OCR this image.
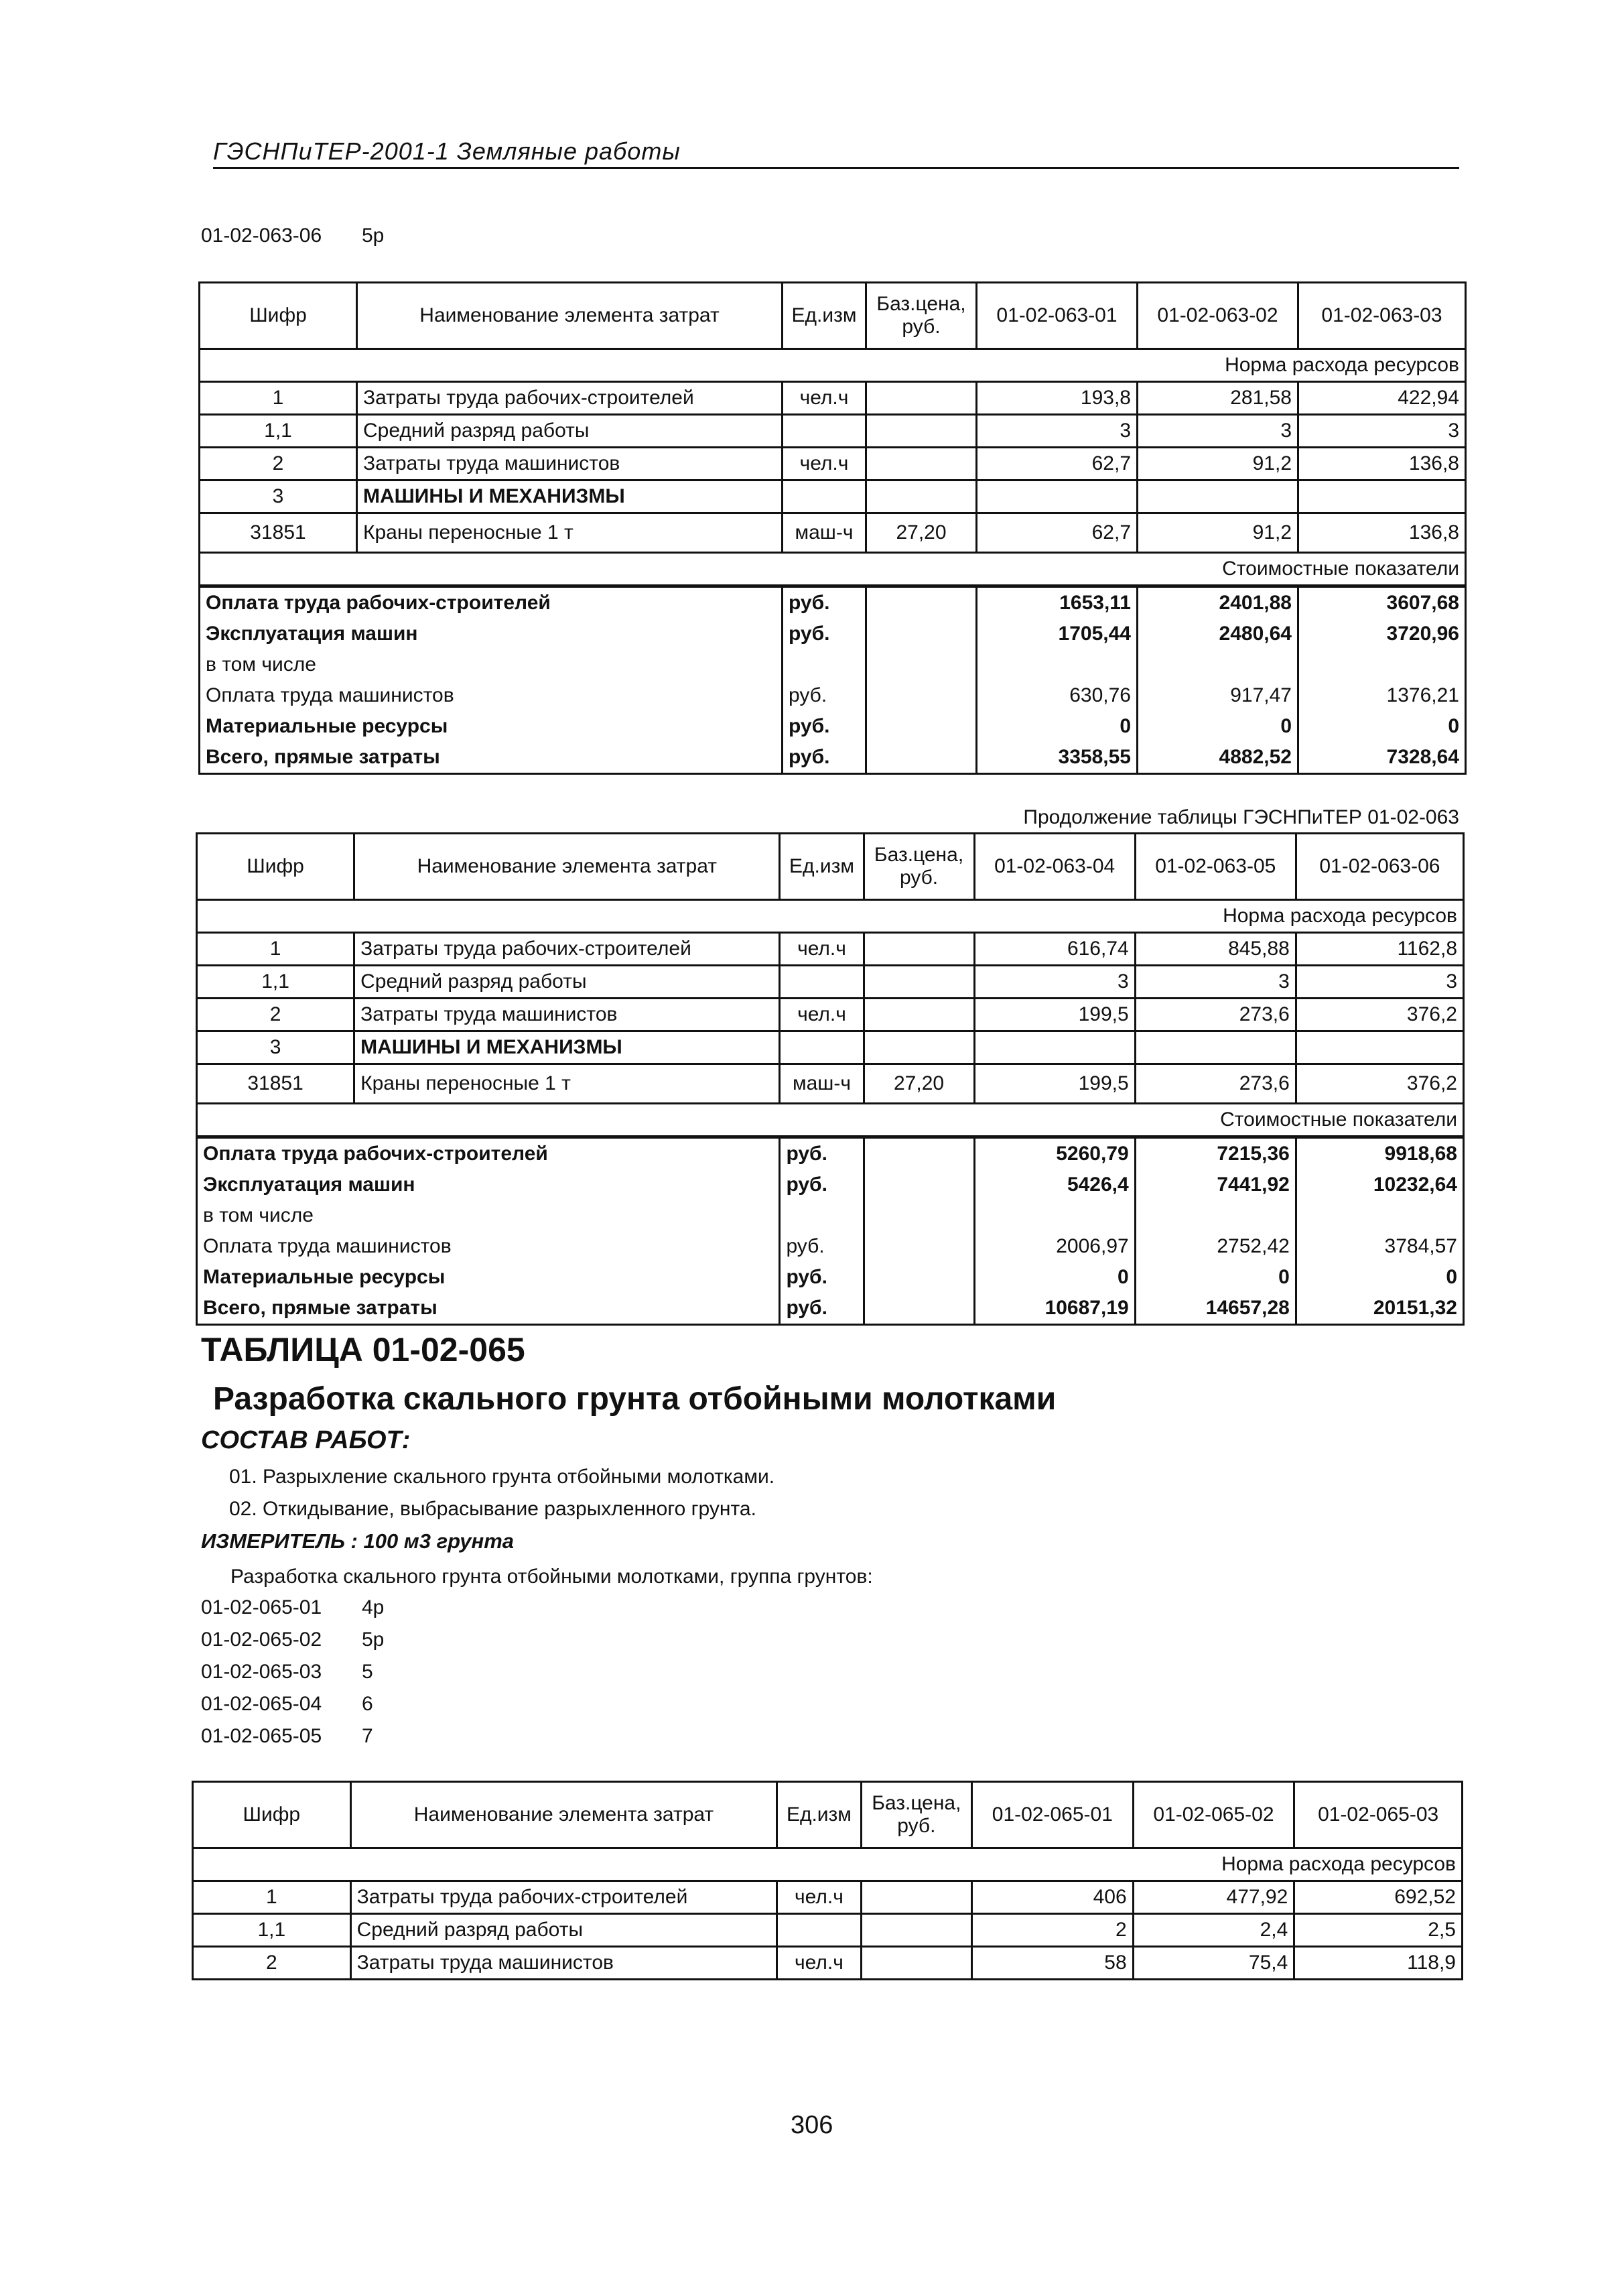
ГЭСНПиТЕР-2001-1 Земляные работы
01-02-063-06 5р
Шифр	Наименование элемента затрат	Ед.изм	Баз.цена, руб.	01-02-063-01	01-02-063-02	01-02-063-03
Норма расхода ресурсов						
1	Затраты труда рабочих-строителей	чел.ч		193,8	281,58	422,94
1,1	Средний разряд работы			3	3	3
2	Затраты труда машинистов	чел.ч		62,7	91,2	136,8
3	МАШИНЫ И МЕХАНИЗМЫ					
31851	Краны переносные 1 т	маш-ч	27,20	62,7	91,2	136,8
Стоимостные показатели						
Оплата труда рабочих-строителей		руб.		1653,11	2401,88	3607,68
Эксплуатация машин		руб.		1705,44	2480,64	3720,96
в том числе						
Оплата труда машинистов		руб.		630,76	917,47	1376,21
Материальные ресурсы		руб.		0	0	0
Всего, прямые затраты		руб.		3358,55	4882,52	7328,64
Продолжение таблицы ГЭСНПиТЕР 01-02-063
Шифр	Наименование элемента затрат	Ед.изм	Баз.цена, руб.	01-02-063-04	01-02-063-05	01-02-063-06
Норма расхода ресурсов						
1	Затраты труда рабочих-строителей	чел.ч		616,74	845,88	1162,8
1,1	Средний разряд работы			3	3	3
2	Затраты труда машинистов	чел.ч		199,5	273,6	376,2
3	МАШИНЫ И МЕХАНИЗМЫ					
31851	Краны переносные 1 т	маш-ч	27,20	199,5	273,6	376,2
Стоимостные показатели						
Оплата труда рабочих-строителей		руб.		5260,79	7215,36	9918,68
Эксплуатация машин		руб.		5426,4	7441,92	10232,64
в том числе						
Оплата труда машинистов		руб.		2006,97	2752,42	3784,57
Материальные ресурсы		руб.		0	0	0
Всего, прямые затраты		руб.		10687,19	14657,28	20151,32
ТАБЛИЦА 01-02-065
Разработка скального грунта отбойными молотками
СОСТАВ РАБОТ:
01. Разрыхление скального грунта отбойными молотками.
02. Откидывание, выбрасывание разрыхленного грунта.
ИЗМЕРИТЕЛЬ : 100 м3 грунта
Разработка скального грунта отбойными молотками, группа грунтов:
01-02-065-01 4р
01-02-065-02 5р
01-02-065-03 5
01-02-065-04 6
01-02-065-05 7
Шифр	Наименование элемента затрат	Ед.изм	Баз.цена, руб.	01-02-065-01	01-02-065-02	01-02-065-03
Норма расхода ресурсов						
1	Затраты труда рабочих-строителей	чел.ч		406	477,92	692,52
1,1	Средний разряд работы			2	2,4	2,5
2	Затраты труда машинистов	чел.ч		58	75,4	118,9
306
